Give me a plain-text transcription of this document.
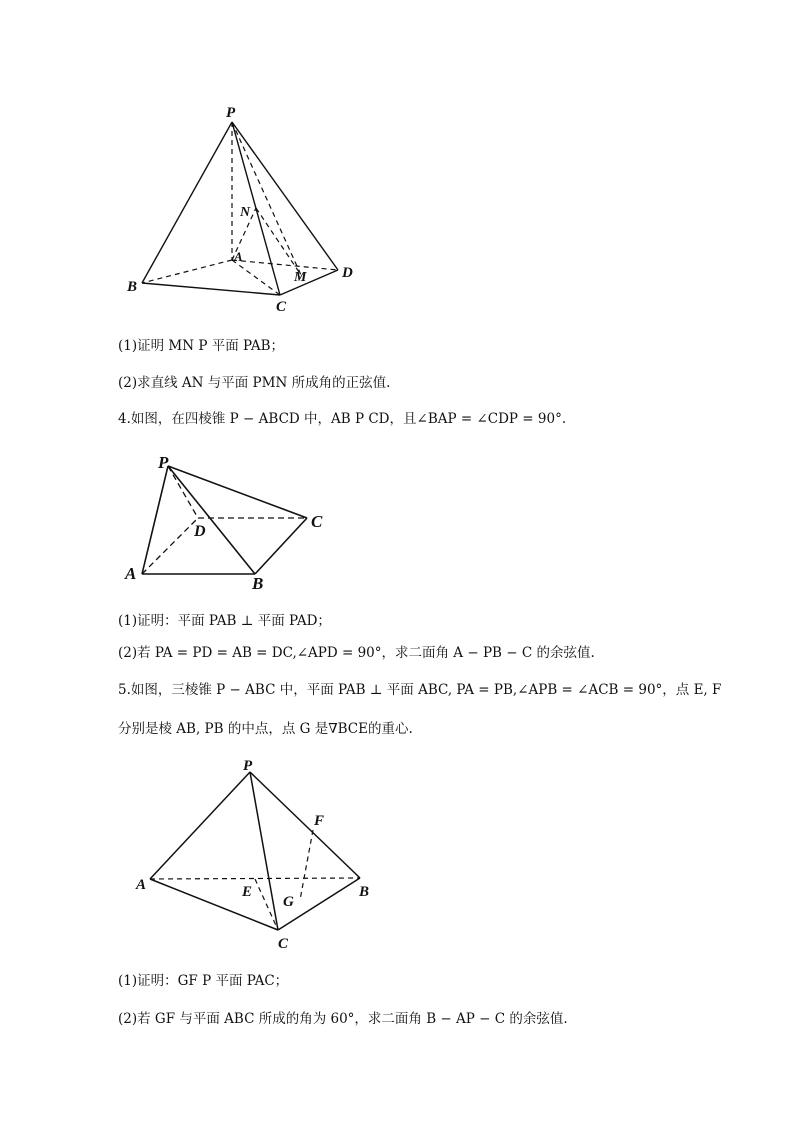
P
N
A
M D
B
C
(1)证明 MN P 平面 PAB；
(2)求直线 AN 与平面 PMN 所成角的正弦值.
4.如图，在四棱锥 P − ABCD 中，AB P CD，且∠BAP = ∠CDP = 90°.
P
D
C
A
B
(1)证明：平面 PAB ⊥ 平面 PAD；
(2)若 PA = PD = AB = DC,∠APD = 90°，求二面角 A − PB − C 的余弦值.
5.如图，三棱锥 P − ABC 中，平面 PAB ⊥ 平面 ABC, PA = PB,∠APB = ∠ACB = 90°，点 E, F
分别是棱 AB, PB 的中点，点 G 是∇BCE的重心.
P
F
A	E
G
B
C
(1)证明：GF P 平面 PAC；
(2)若 GF 与平面 ABC 所成的角为 60°，求二面角 B − AP − C 的余弦值.
